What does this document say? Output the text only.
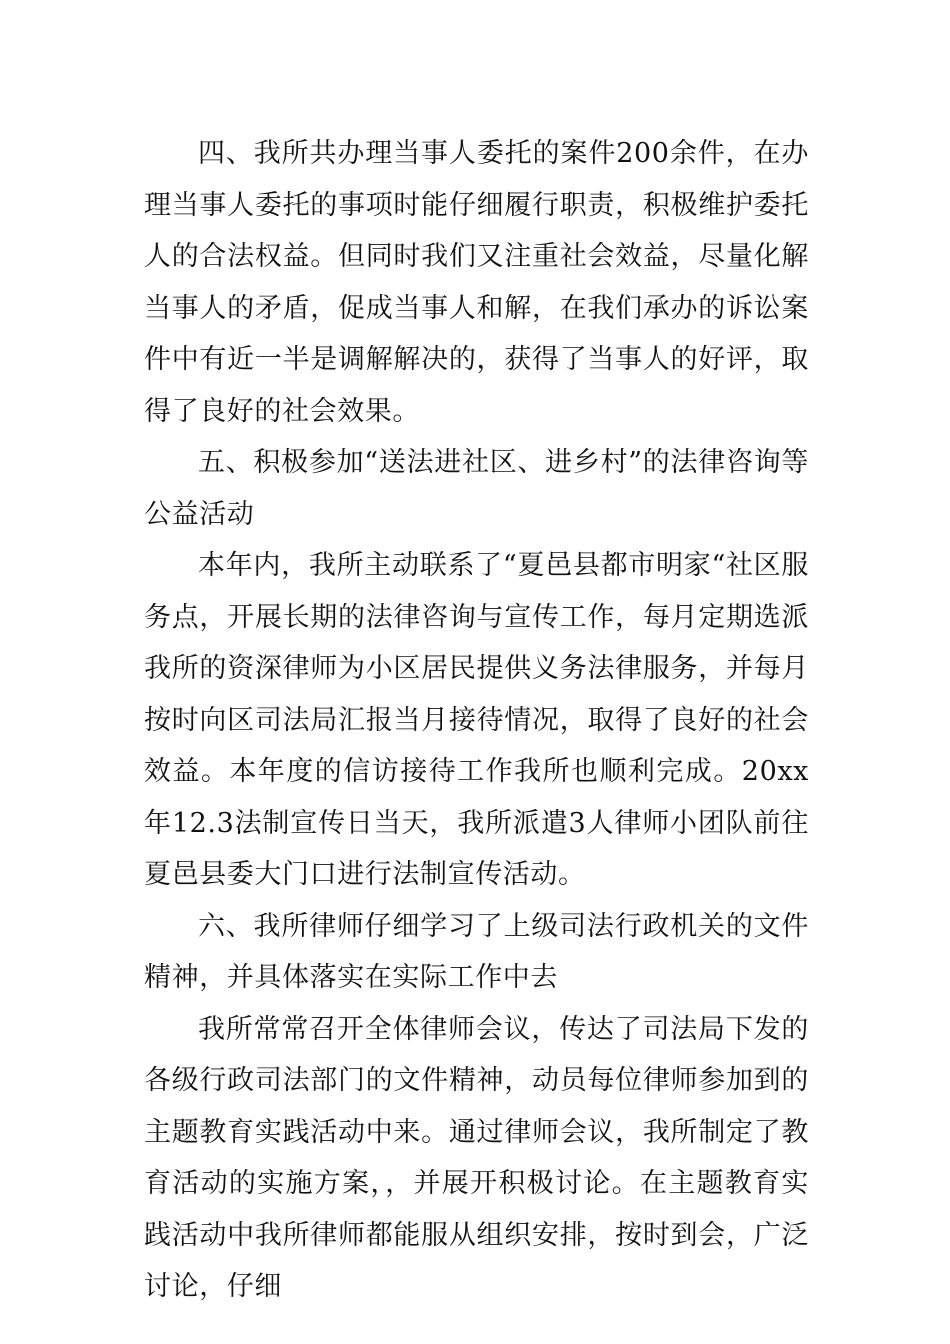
四、我所共办理当事人委托的案件200余件，在办理当事人委托的事项时能仔细履行职责，积极维护委托人的合法权益。但同时我们又注重社会效益，尽量化解当事人的矛盾，促成当事人和解，在我们承办的诉讼案件中有近一半是调解解决的，获得了当事人的好评，取得了良好的社会效果。

五、积极参加“送法进社区、进乡村”的法律咨询等公益活动

本年内，我所主动联系了“夏邑县都市明家“社区服务点，开展长期的法律咨询与宣传工作，每月定期选派我所的资深律师为小区居民提供义务法律服务，并每月按时向区司法局汇报当月接待情况，取得了良好的社会效益。本年度的信访接待工作我所也顺利完成。20xx年12.3法制宣传日当天，我所派遣3人律师小团队前往夏邑县委大门口进行法制宣传活动。

六、我所律师仔细学习了上级司法行政机关的文件精神，并具体落实在实际工作中去

我所常常召开全体律师会议，传达了司法局下发的各级行政司法部门的文件精神，动员每位律师参加到的主题教育实践活动中来。通过律师会议，我所制定了教育活动的实施方案，，并展开积极讨论。在主题教育实践活动中我所律师都能服从组织安排，按时到会，广泛讨论，仔细
